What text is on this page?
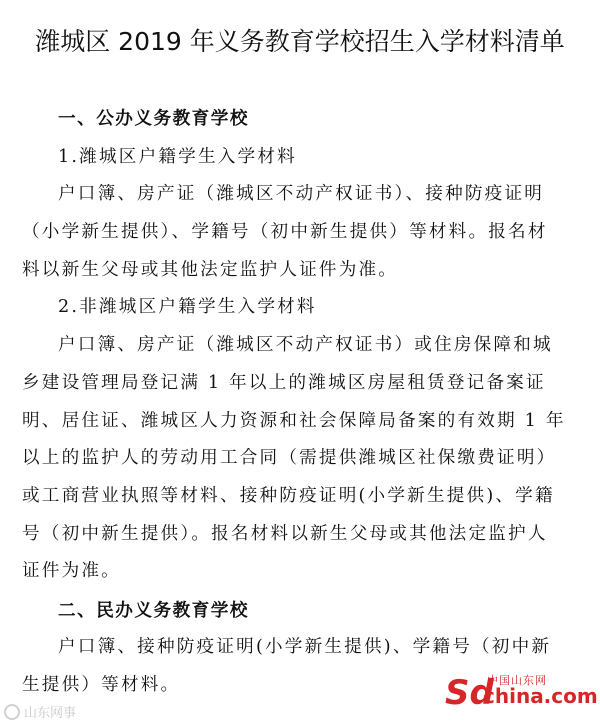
潍城区 2019 年义务教育学校招生入学材料清单
一、公办义务教育学校
1.潍城区户籍学生入学材料
户口簿、房产证（潍城区不动产权证书）、接种防疫证明
（小学新生提供）、学籍号（初中新生提供）等材料。报名材
料以新生父母或其他法定监护人证件为准。
2.非潍城区户籍学生入学材料
户口簿、房产证（潍城区不动产权证书）或住房保障和城
乡建设管理局登记满 1 年以上的潍城区房屋租赁登记备案证
明、居住证、潍城区人力资源和社会保障局备案的有效期 1 年
以上的监护人的劳动用工合同（需提供潍城区社保缴费证明）
或工商营业执照等材料、接种防疫证明(小学新生提供)、学籍
号（初中新生提供）。报名材料以新生父母或其他法定监护人
证件为准。
二、民办义务教育学校
户口簿、接种防疫证明(小学新生提供)、学籍号（初中新
生提供）等材料。
山东网事
Sd
中国山东网
china.com
